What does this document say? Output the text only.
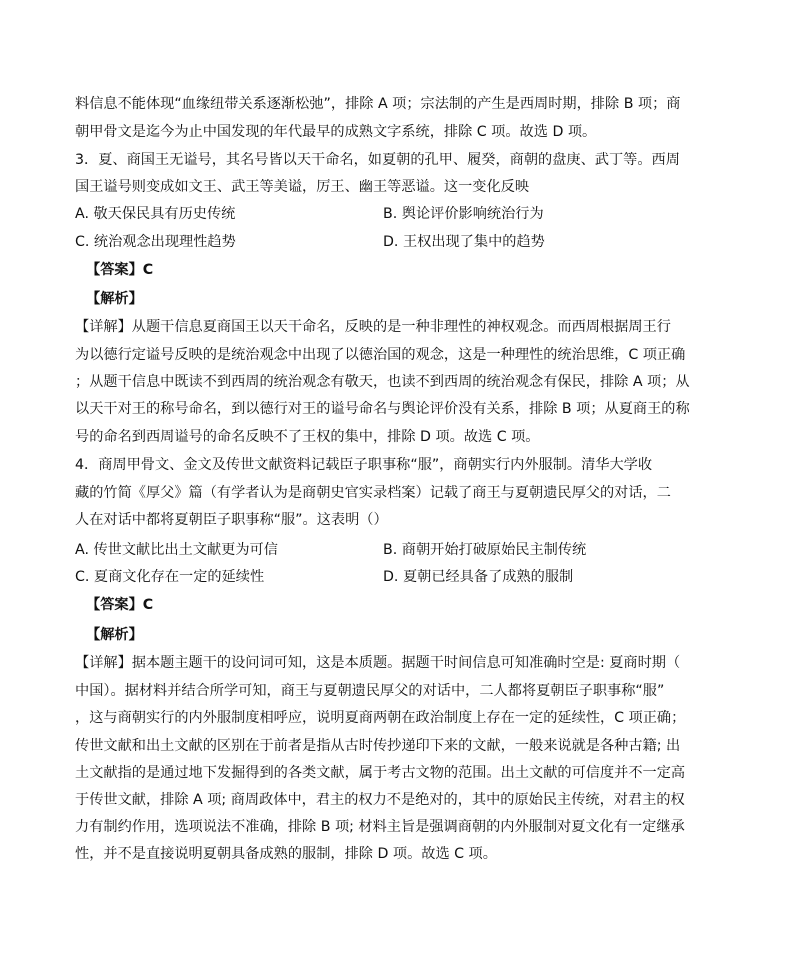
料信息不能体现“血缘纽带关系逐渐松弛”，排除 A 项；宗法制的产生是西周时期，排除 B 项；商
朝甲骨文是迄今为止中国发现的年代最早的成熟文字系统，排除 C 项。故选 D 项。
3．夏、商国王无谥号，其名号皆以天干命名，如夏朝的孔甲、履癸，商朝的盘庚、武丁等。西周
国王谥号则变成如文王、武王等美谥，厉王、幽王等恶谥。这一变化反映
A. 敬天保民具有历史传统	B. 舆论评价影响统治行为
C. 统治观念出现理性趋势	D. 王权出现了集中的趋势
【答案】C
【解析】
【详解】从题干信息夏商国王以天干命名，反映的是一种非理性的神权观念。而西周根据周王行
为以德行定谥号反映的是统治观念中出现了以德治国的观念，这是一种理性的统治思维，C 项正确
；从题干信息中既读不到西周的统治观念有敬天，也读不到西周的统治观念有保民，排除 A 项；从
以天干对王的称号命名，到以德行对王的谥号命名与舆论评价没有关系，排除 B 项；从夏商王的称
号的命名到西周谥号的命名反映不了王权的集中，排除 D 项。故选 C 项。
4．商周甲骨文、金文及传世文献资料记载臣子职事称“服”，商朝实行内外服制。清华大学收
藏的竹简《厚父》篇（有学者认为是商朝史官实录档案）记载了商王与夏朝遗民厚父的对话，二
人在对话中都将夏朝臣子职事称“服”。这表明（）
A. 传世文献比出土文献更为可信	B. 商朝开始打破原始民主制传统
C. 夏商文化存在一定的延续性	D. 夏朝已经具备了成熟的服制
【答案】C
【解析】
【详解】据本题主题干的设问词可知，这是本质题。据题干时间信息可知准确时空是: 夏商时期（
中国）。据材料并结合所学可知，商王与夏朝遗民厚父的对话中，二人都将夏朝臣子职事称“服”
，这与商朝实行的内外服制度相呼应，说明夏商两朝在政治制度上存在一定的延续性，C 项正确；
传世文献和出土文献的区别在于前者是指从古时传抄递印下来的文献，一般来说就是各种古籍; 出
土文献指的是通过地下发掘得到的各类文献，属于考古文物的范围。出土文献的可信度并不一定高
于传世文献，排除 A 项; 商周政体中，君主的权力不是绝对的，其中的原始民主传统，对君主的权
力有制约作用，选项说法不准确，排除 B 项; 材料主旨是强调商朝的内外服制对夏文化有一定继承
性，并不是直接说明夏朝具备成熟的服制，排除 D 项。故选 C 项。
